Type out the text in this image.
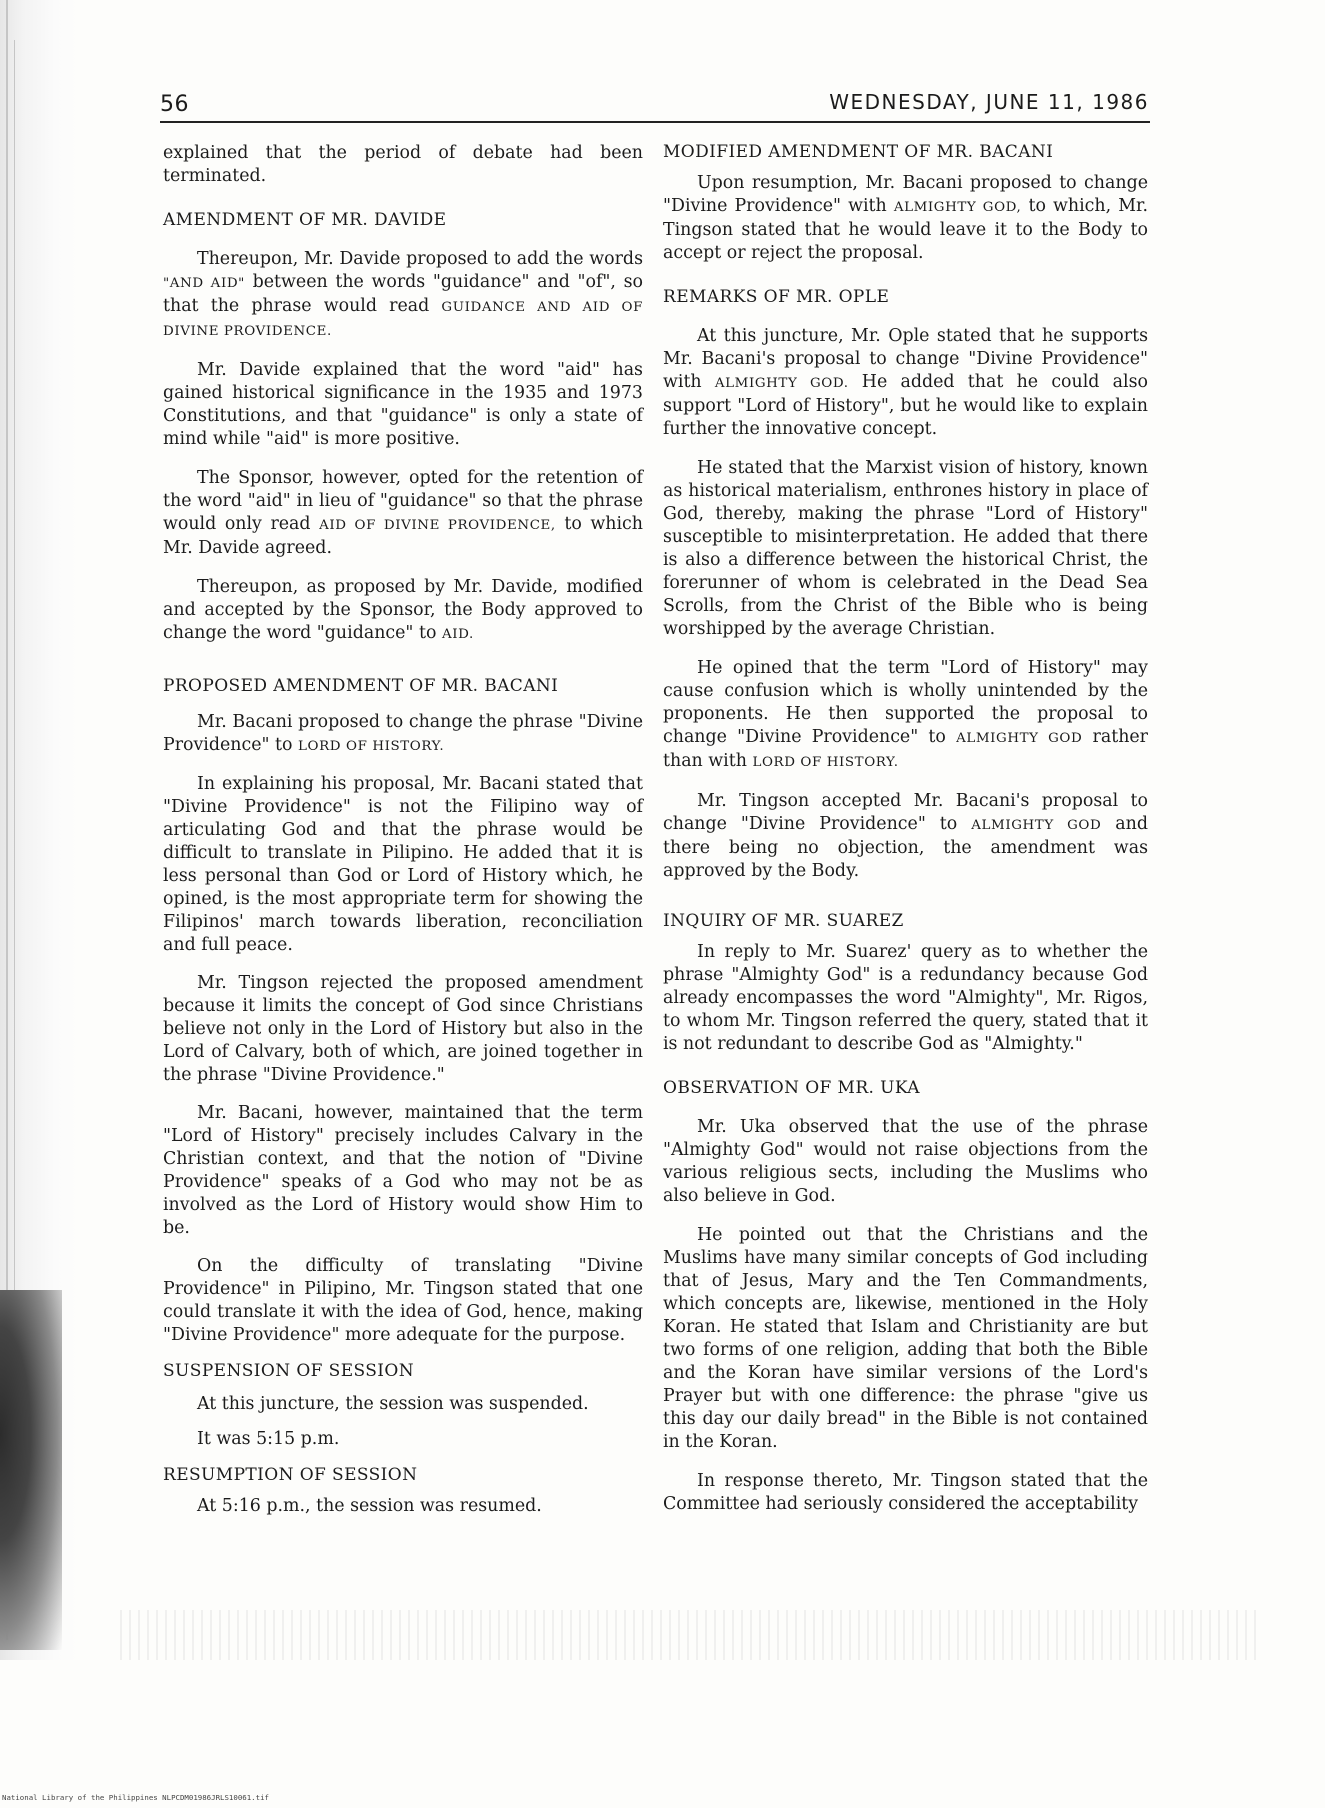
56	WEDNESDAY, JUNE 11, 1986

explained that the period of debate had been terminated.

AMENDMENT OF MR. DAVIDE

Thereupon, Mr. Davide proposed to add the words "AND AID" between the words "guidance" and "of", so that the phrase would read GUIDANCE AND AID OF DIVINE PROVIDENCE.

Mr. Davide explained that the word "aid" has gained historical significance in the 1935 and 1973 Constitutions, and that "guidance" is only a state of mind while "aid" is more positive.

The Sponsor, however, opted for the retention of the word "aid" in lieu of "guidance" so that the phrase would only read AID OF DIVINE PROVIDENCE, to which Mr. Davide agreed.

Thereupon, as proposed by Mr. Davide, modified and accepted by the Sponsor, the Body approved to change the word "guidance" to AID.

PROPOSED AMENDMENT OF MR. BACANI

Mr. Bacani proposed to change the phrase "Divine Providence" to LORD OF HISTORY.

In explaining his proposal, Mr. Bacani stated that "Divine Providence" is not the Filipino way of articulating God and that the phrase would be difficult to translate in Pilipino. He added that it is less personal than God or Lord of History which, he opined, is the most appropriate term for showing the Filipinos' march towards liberation, reconciliation and full peace.

Mr. Tingson rejected the proposed amendment because it limits the concept of God since Christians believe not only in the Lord of History but also in the Lord of Calvary, both of which, are joined together in the phrase "Divine Providence."

Mr. Bacani, however, maintained that the term "Lord of History" precisely includes Calvary in the Christian context, and that the notion of "Divine Providence" speaks of a God who may not be as involved as the Lord of History would show Him to be.

On the difficulty of translating "Divine Providence" in Pilipino, Mr. Tingson stated that one could translate it with the idea of God, hence, making "Divine Providence" more adequate for the purpose.

SUSPENSION OF SESSION

At this juncture, the session was suspended.

It was 5:15 p.m.

RESUMPTION OF SESSION

At 5:16 p.m., the session was resumed.

MODIFIED AMENDMENT OF MR. BACANI

Upon resumption, Mr. Bacani proposed to change "Divine Providence" with ALMIGHTY GOD, to which, Mr. Tingson stated that he would leave it to the Body to accept or reject the proposal.

REMARKS OF MR. OPLE

At this juncture, Mr. Ople stated that he supports Mr. Bacani's proposal to change "Divine Providence" with ALMIGHTY GOD. He added that he could also support "Lord of History", but he would like to explain further the innovative concept.

He stated that the Marxist vision of history, known as historical materialism, enthrones history in place of God, thereby, making the phrase "Lord of History" susceptible to misinterpretation. He added that there is also a difference between the historical Christ, the forerunner of whom is celebrated in the Dead Sea Scrolls, from the Christ of the Bible who is being worshipped by the average Christian.

He opined that the term "Lord of History" may cause confusion which is wholly unintended by the proponents. He then supported the proposal to change "Divine Providence" to ALMIGHTY GOD rather than with LORD OF HISTORY.

Mr. Tingson accepted Mr. Bacani's proposal to change "Divine Providence" to ALMIGHTY GOD and there being no objection, the amendment was approved by the Body.

INQUIRY OF MR. SUAREZ

In reply to Mr. Suarez' query as to whether the phrase "Almighty God" is a redundancy because God already encompasses the word "Almighty", Mr. Rigos, to whom Mr. Tingson referred the query, stated that it is not redundant to describe God as "Almighty."

OBSERVATION OF MR. UKA

Mr. Uka observed that the use of the phrase "Almighty God" would not raise objections from the various religious sects, including the Muslims who also believe in God.

He pointed out that the Christians and the Muslims have many similar concepts of God including that of Jesus, Mary and the Ten Commandments, which concepts are, likewise, mentioned in the Holy Koran. He stated that Islam and Christianity are but two forms of one religion, adding that both the Bible and the Koran have similar versions of the Lord's Prayer but with one difference: the phrase "give us this day our daily bread" in the Bible is not contained in the Koran.

In response thereto, Mr. Tingson stated that the Committee had seriously considered the acceptability

National Library of the Philippines NLPCDM01986JRLS10061.tif
